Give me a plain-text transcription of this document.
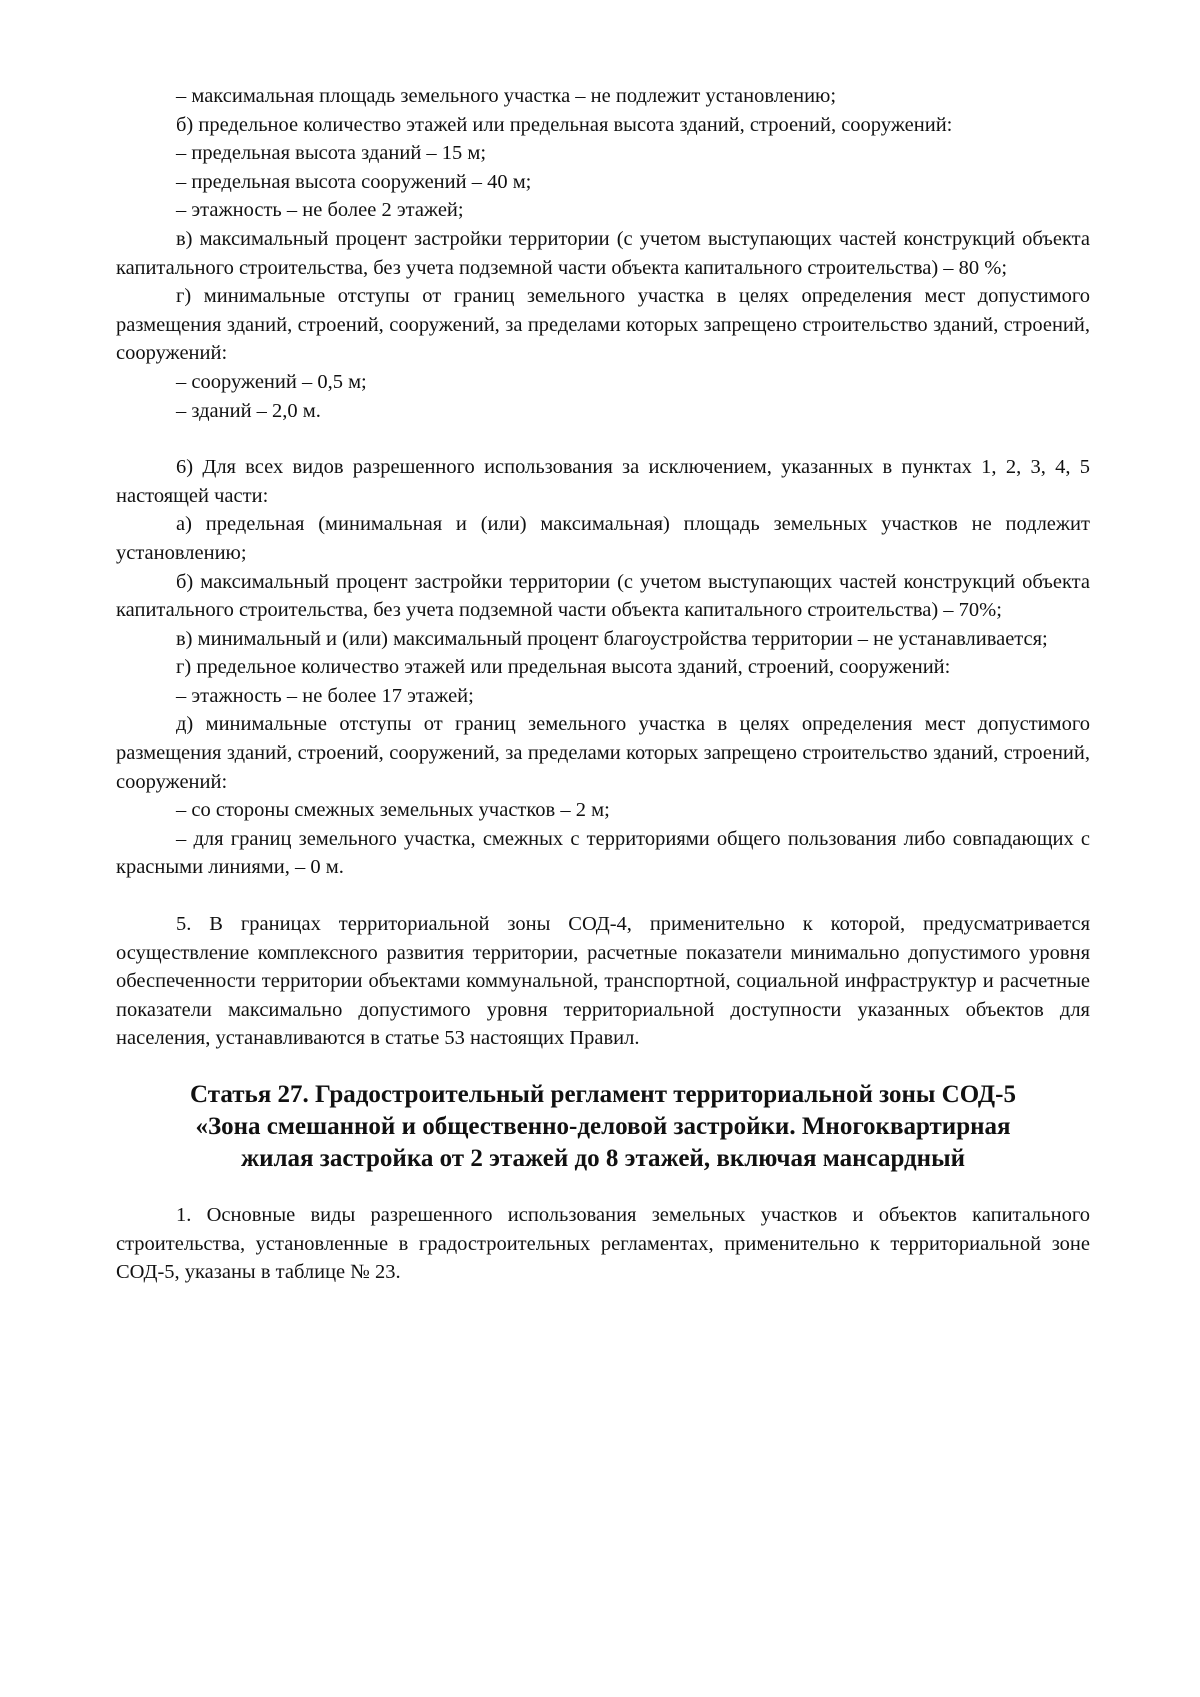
– максимальная площадь земельного участка – не подлежит установлению;

б) предельное количество этажей или предельная высота зданий, строений, сооружений:

– предельная высота зданий – 15 м;

– предельная высота сооружений – 40 м;

– этажность – не более 2 этажей;

в) максимальный процент застройки территории (с учетом выступающих частей конструкций объекта капитального строительства, без учета подземной части объекта капитального строительства) – 80 %;

г) минимальные отступы от границ земельного участка в целях определения мест допустимого размещения зданий, строений, сооружений, за пределами которых запрещено строительство зданий, строений, сооружений:

– сооружений – 0,5 м;

– зданий – 2,0 м.

6) Для всех видов разрешенного использования за исключением, указанных в пунктах 1, 2, 3, 4, 5 настоящей части:

а) предельная (минимальная и (или) максимальная) площадь земельных участков не подлежит установлению;

б) максимальный процент застройки территории (с учетом выступающих частей конструкций объекта капитального строительства, без учета подземной части объекта капитального строительства) – 70%;

в) минимальный и (или) максимальный процент благоустройства территории – не устанавливается;

г) предельное количество этажей или предельная высота зданий, строений, сооружений:

– этажность – не более 17 этажей;

д) минимальные отступы от границ земельного участка в целях определения мест допустимого размещения зданий, строений, сооружений, за пределами которых запрещено строительство зданий, строений, сооружений:

– со стороны смежных земельных участков – 2 м;

– для границ земельного участка, смежных с территориями общего пользования либо совпадающих с красными линиями, – 0 м.

5. В границах территориальной зоны СОД-4, применительно к которой, предусматривается осуществление комплексного развития территории, расчетные показатели минимально допустимого уровня обеспеченности территории объектами коммунальной, транспортной, социальной инфраструктур и расчетные показатели максимально допустимого уровня территориальной доступности указанных объектов для населения, устанавливаются в статье 53 настоящих Правил.

Статья 27. Градостроительный регламент территориальной зоны СОД-5
«Зона смешанной и общественно-деловой застройки. Многоквартирная
жилая застройка от 2 этажей до 8 этажей, включая мансардный

1. Основные виды разрешенного использования земельных участков и объектов капитального строительства, установленные в градостроительных регламентах, применительно к территориальной зоне СОД-5, указаны в таблице № 23.
